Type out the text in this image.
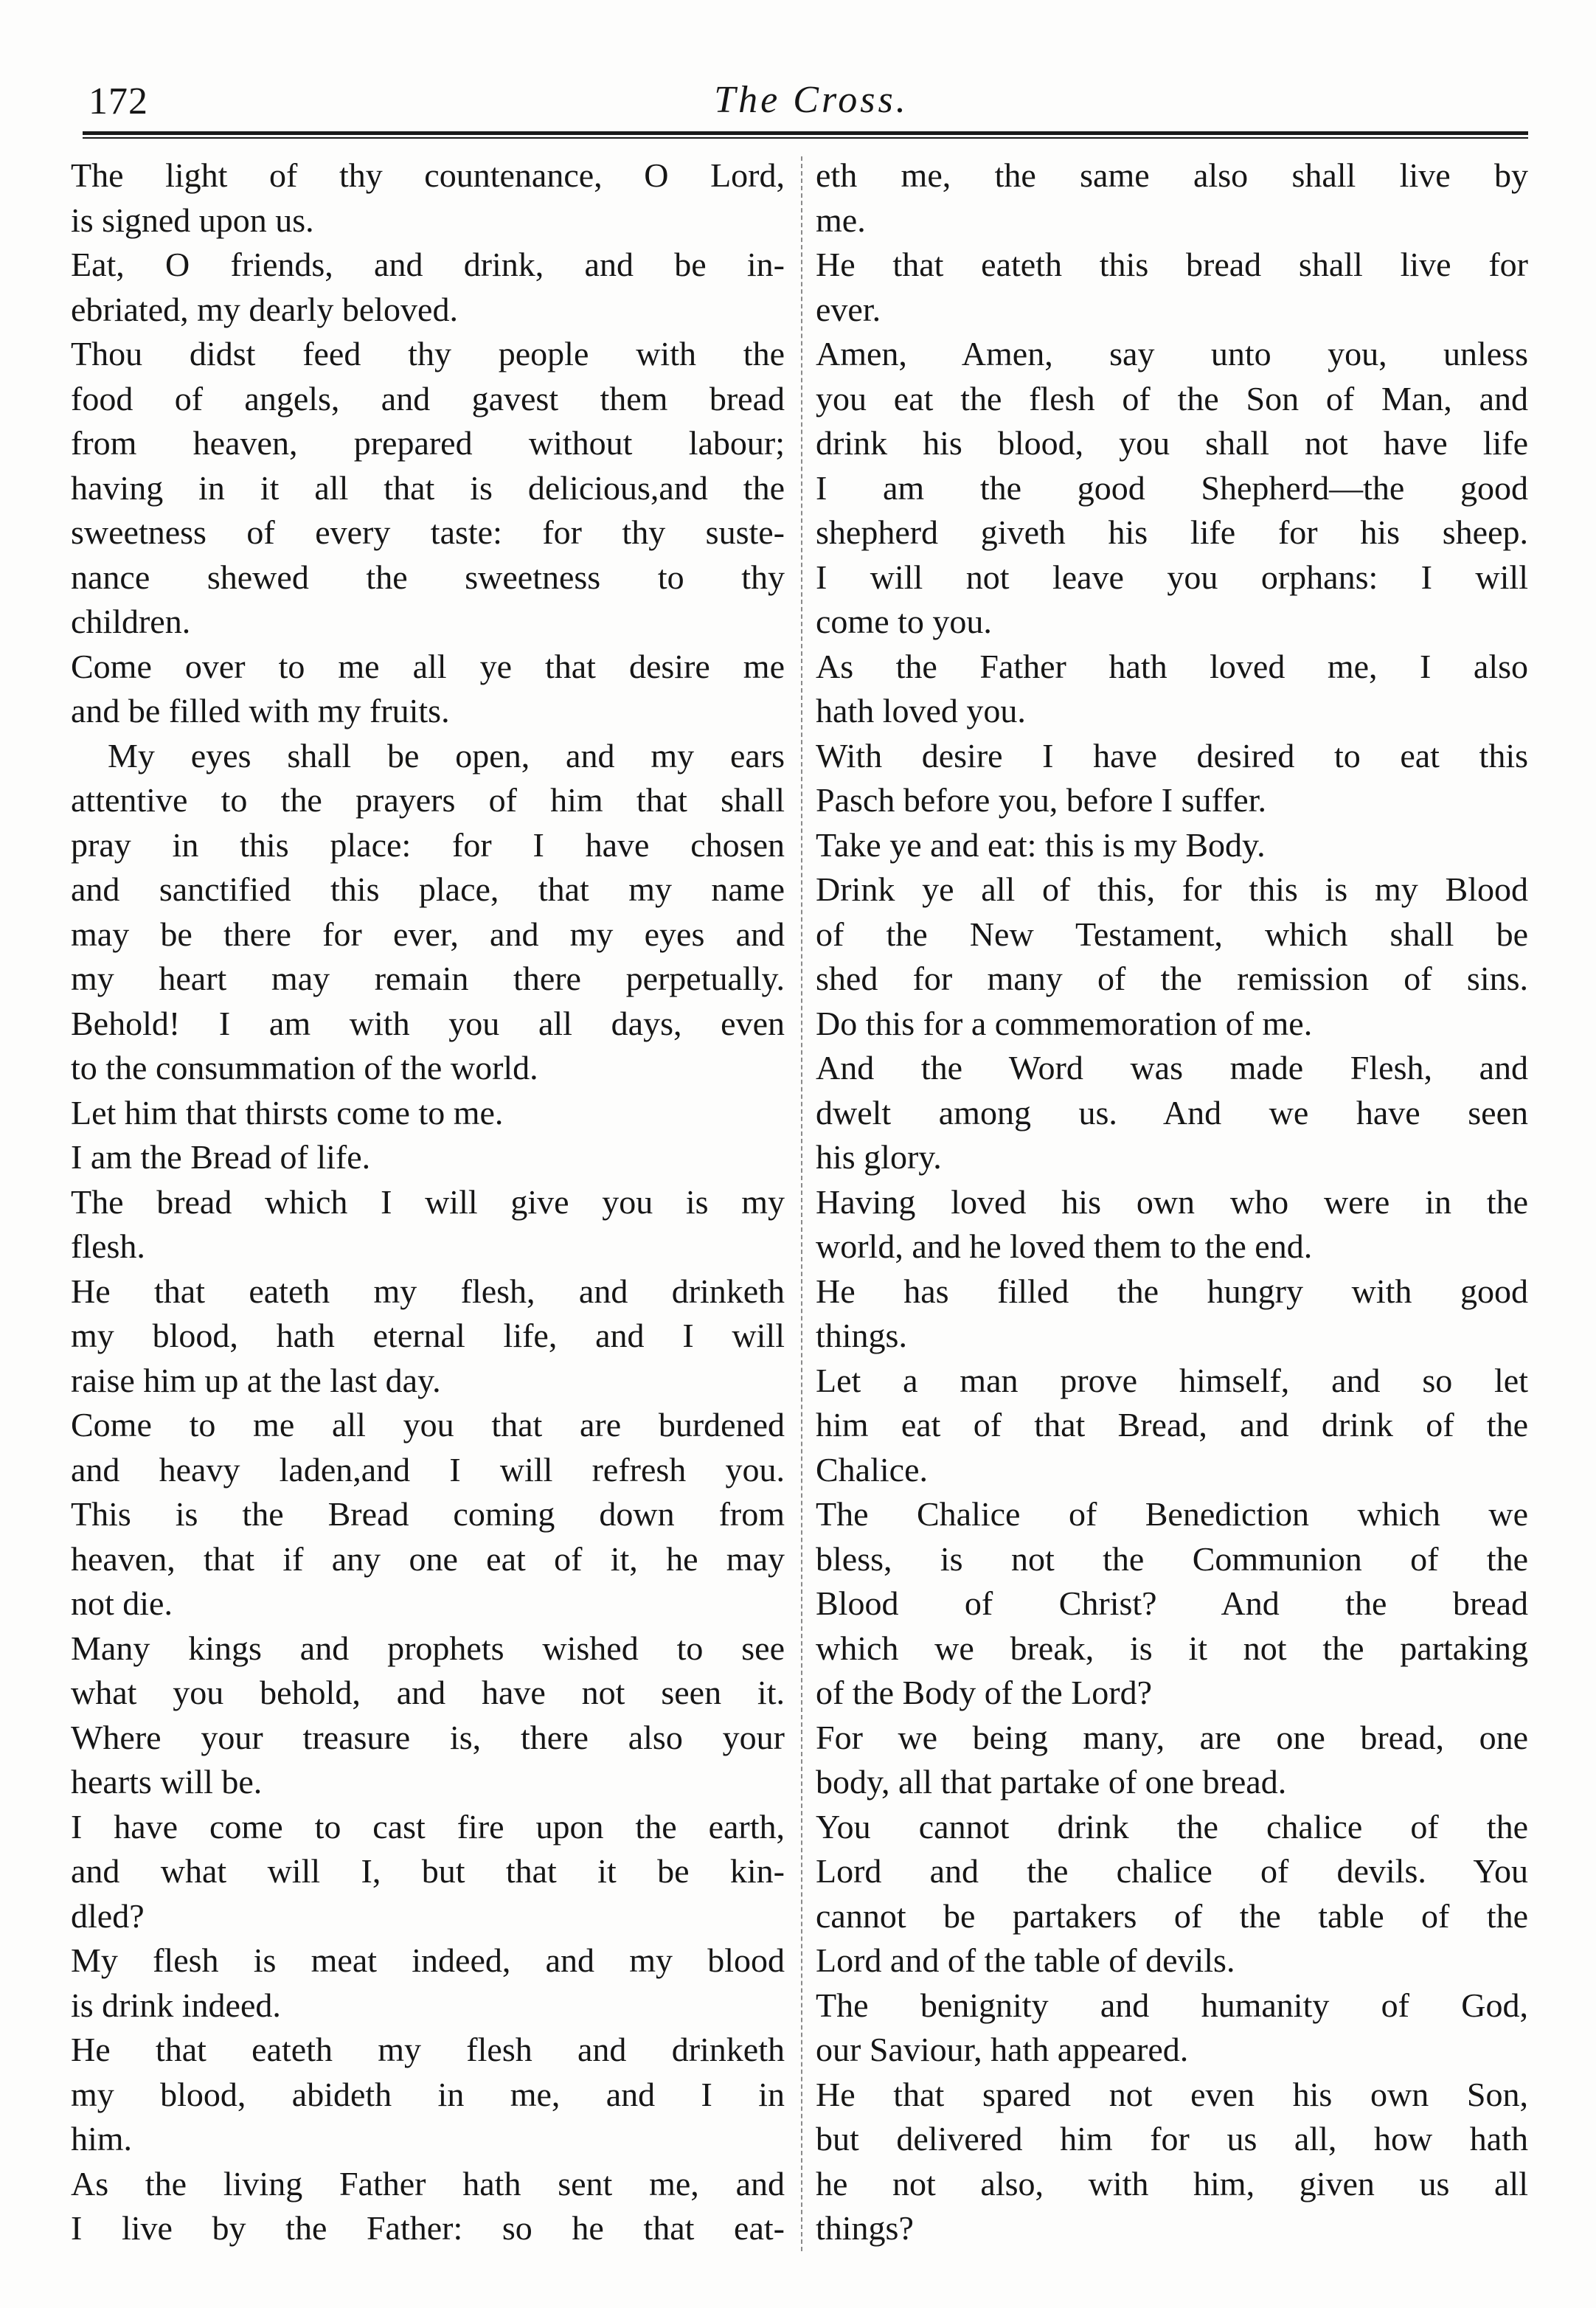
172	The Cross.
The light of thy countenance, O Lord,
is signed upon us.
Eat, O friends, and drink, and be in-
ebriated, my dearly beloved.
Thou didst feed thy people with the
food of angels, and gavest them bread
from heaven, prepared without labour;
having in it all that is delicious,and the
sweetness of every taste: for thy suste-
nance shewed the sweetness to thy
children.
Come over to me all ye that desire me
and be filled with my fruits.
My eyes shall be open, and my ears
attentive to the prayers of him that shall
pray in this place: for I have chosen
and sanctified this place, that my name
may be there for ever, and my eyes and
my heart may remain there perpetually.
Behold! I am with you all days, even
to the consummation of the world.
Let him that thirsts come to me.
I am the Bread of life.
The bread which I will give you is my
flesh.
He that eateth my flesh, and drinketh
my blood, hath eternal life, and I will
raise him up at the last day.
Come to me all you that are burdened
and heavy laden,and I will refresh you.
This is the Bread coming down from
heaven, that if any one eat of it, he may
not die.
Many kings and prophets wished to see
what you behold, and have not seen it.
Where your treasure is, there also your
hearts will be.
I have come to cast fire upon the earth,
and what will I, but that it be kin-
dled?
My flesh is meat indeed, and my blood
is drink indeed.
He that eateth my flesh and drinketh
my blood, abideth in me, and I in
him.
As the living Father hath sent me, and
I live by the Father: so he that eat-
eth me, the same also shall live by
me.
He that eateth this bread shall live for
ever.
Amen, Amen, say unto you, unless
you eat the flesh of the Son of Man, and
drink his blood, you shall not have life
I am the good Shepherd—the good
shepherd giveth his life for his sheep.
I will not leave you orphans: I will
come to you.
As the Father hath loved me, I also
hath loved you.
With desire I have desired to eat this
Pasch before you, before I suffer.
Take ye and eat: this is my Body.
Drink ye all of this, for this is my Blood
of the New Testament, which shall be
shed for many of the remission of sins.
Do this for a commemoration of me.
And the Word was made Flesh, and
dwelt among us. And we have seen
his glory.
Having loved his own who were in the
world, and he loved them to the end.
He has filled the hungry with good
things.
Let a man prove himself, and so let
him eat of that Bread, and drink of the
Chalice.
The Chalice of Benediction which we
bless, is not the Communion of the
Blood of Christ? And the bread
which we break, is it not the partaking
of the Body of the Lord?
For we being many, are one bread, one
body, all that partake of one bread.
You cannot drink the chalice of the
Lord and the chalice of devils. You
cannot be partakers of the table of the
Lord and of the table of devils.
The benignity and humanity of God,
our Saviour, hath appeared.
He that spared not even his own Son,
but delivered him for us all, how hath
he not also, with him, given us all
things?
